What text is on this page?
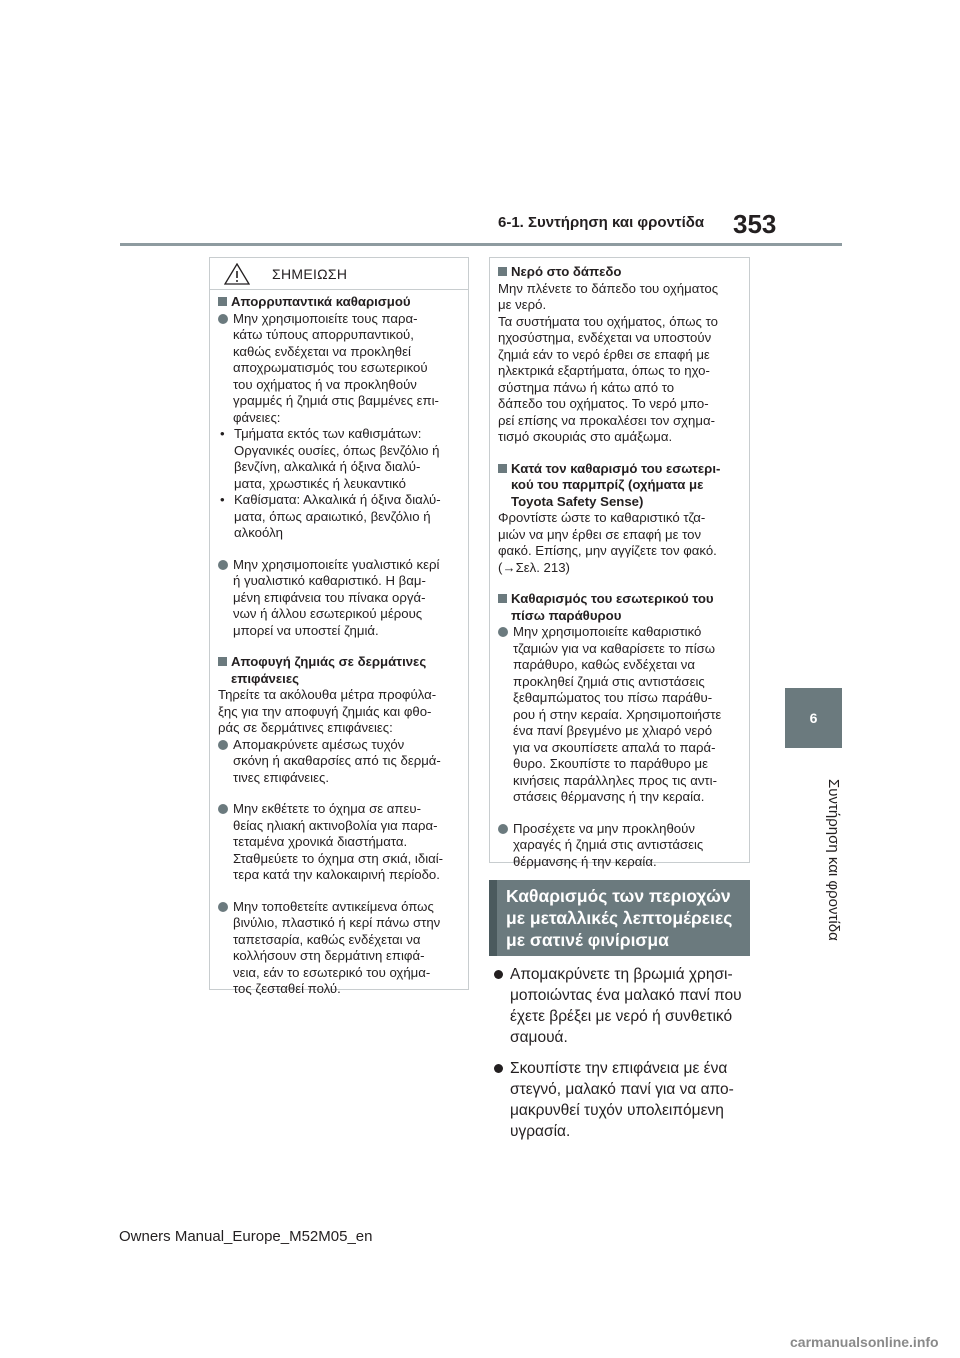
6-1. Συντήρηση και φροντίδα 353
6
Συντήρηση και φροντίδα
ΣΗΜΕΙΩΣΗ
Απορρυπαντικά καθαρισμού
Μην χρησιμοποιείτε τους παρα-
κάτω τύπους απορρυπαντικού,
καθώς ενδέχεται να προκληθεί
αποχρωματισμός του εσωτερικού
του οχήματος ή να προκληθούν
γραμμές ή ζημιά στις βαμμένες επι-
φάνειες:
• Τμήματα εκτός των καθισμάτων:
Οργανικές ουσίες, όπως βενζόλιο ή
βενζίνη, αλκαλικά ή όξινα διαλύ-
ματα, χρωστικές ή λευκαντικό
• Καθίσματα: Αλκαλικά ή όξινα διαλύ-
ματα, όπως αραιωτικό, βενζόλιο ή
αλκοόλη
Μην χρησιμοποιείτε γυαλιστικό κερί
ή γυαλιστικό καθαριστικό. Η βαμ-
μένη επιφάνεια του πίνακα οργά-
νων ή άλλου εσωτερικού μέρους
μπορεί να υποστεί ζημιά.
Αποφυγή ζημιάς σε δερμάτινες
επιφάνειες
Τηρείτε τα ακόλουθα μέτρα προφύλα-
ξης για την αποφυγή ζημιάς και φθο-
ράς σε δερμάτινες επιφάνειες:
Απομακρύνετε αμέσως τυχόν
σκόνη ή ακαθαρσίες από τις δερμά-
τινες επιφάνειες.
Μην εκθέτετε το όχημα σε απευ-
θείας ηλιακή ακτινοβολία για παρα-
τεταμένα χρονικά διαστήματα.
Σταθμεύετε το όχημα στη σκιά, ιδιαί-
τερα κατά την καλοκαιρινή περίοδο.
Μην τοποθετείτε αντικείμενα όπως
βινύλιο, πλαστικό ή κερί πάνω στην
ταπετσαρία, καθώς ενδέχεται να
κολλήσουν στη δερμάτινη επιφά-
νεια, εάν το εσωτερικό του οχήμα-
τος ζεσταθεί πολύ.
Νερό στο δάπεδο
Μην πλένετε το δάπεδο του οχήματος
με νερό.
Τα συστήματα του οχήματος, όπως το
ηχοσύστημα, ενδέχεται να υποστούν
ζημιά εάν το νερό έρθει σε επαφή με
ηλεκτρικά εξαρτήματα, όπως το ηχο-
σύστημα πάνω ή κάτω από το
δάπεδο του οχήματος. Το νερό μπο-
ρεί επίσης να προκαλέσει τον σχημα-
τισμό σκουριάς στο αμάξωμα.
Κατά τον καθαρισμό του εσωτερι-
κού του παρμπρίζ (οχήματα με
Toyota Safety Sense)
Φροντίστε ώστε το καθαριστικό τζα-
μιών να μην έρθει σε επαφή με τον
φακό. Επίσης, μην αγγίζετε τον φακό.
(→Σελ. 213)
Καθαρισμός του εσωτερικού του
πίσω παράθυρου
Μην χρησιμοποιείτε καθαριστικό
τζαμιών για να καθαρίσετε το πίσω
παράθυρο, καθώς ενδέχεται να
προκληθεί ζημιά στις αντιστάσεις
ξεθαμπώματος του πίσω παράθυ-
ρου ή στην κεραία. Χρησιμοποιήστε
ένα πανί βρεγμένο με χλιαρό νερό
για να σκουπίσετε απαλά το παρά-
θυρο. Σκουπίστε το παράθυρο με
κινήσεις παράλληλες προς τις αντι-
στάσεις θέρμανσης ή την κεραία.
Προσέχετε να μην προκληθούν
χαραγές ή ζημιά στις αντιστάσεις
θέρμανσης ή την κεραία.
Καθαρισμός των περιοχών
με μεταλλικές λεπτομέρειες
με σατινέ φινίρισμα
Απομακρύνετε τη βρωμιά χρησι-
μοποιώντας ένα μαλακό πανί που
έχετε βρέξει με νερό ή συνθετικό
σαμουά.
Σκουπίστε την επιφάνεια με ένα
στεγνό, μαλακό πανί για να απο-
μακρυνθεί τυχόν υπολειπόμενη
υγρασία.
Owners Manual_Europe_M52M05_en
carmanualsonline.info
